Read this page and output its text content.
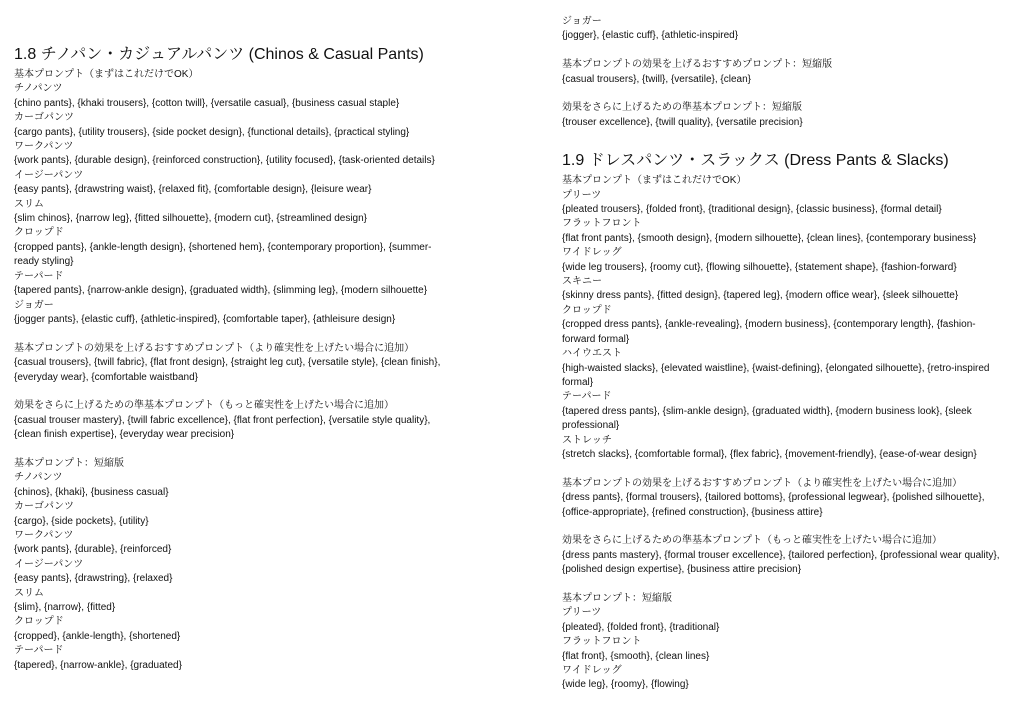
1.8 チノパン・カジュアルパンツ (Chinos & Casual Pants)
基本プロンプト（まずはこれだけでOK）
チノパンツ
{chino pants}, {khaki trousers}, {cotton twill}, {versatile casual}, {business casual staple}
カーゴパンツ
{cargo pants}, {utility trousers}, {side pocket design}, {functional details}, {practical styling}
ワークパンツ
{work pants}, {durable design}, {reinforced construction}, {utility focused}, {task-oriented details}
イージーパンツ
{easy pants}, {drawstring waist}, {relaxed fit}, {comfortable design}, {leisure wear}
スリム
{slim chinos}, {narrow leg}, {fitted silhouette}, {modern cut}, {streamlined design}
クロップド
{cropped pants}, {ankle-length design}, {shortened hem}, {contemporary proportion}, {summer-ready styling}
テーパード
{tapered pants}, {narrow-ankle design}, {graduated width}, {slimming leg}, {modern silhouette}
ジョガー
{jogger pants}, {elastic cuff}, {athletic-inspired}, {comfortable taper}, {athleisure design}
基本プロンプトの効果を上げるおすすめプロンプト（より確実性を上げたい場合に追加）
{casual trousers}, {twill fabric}, {flat front design}, {straight leg cut}, {versatile style}, {clean finish}, {everyday wear}, {comfortable waistband}
効果をさらに上げるための準基本プロンプト（もっと確実性を上げたい場合に追加）
{casual trouser mastery}, {twill fabric excellence}, {flat front perfection}, {versatile style quality}, {clean finish expertise}, {everyday wear precision}
基本プロンプト：短縮版
チノパンツ
{chinos}, {khaki}, {business casual}
カーゴパンツ
{cargo}, {side pockets}, {utility}
ワークパンツ
{work pants}, {durable}, {reinforced}
イージーパンツ
{easy pants}, {drawstring}, {relaxed}
スリム
{slim}, {narrow}, {fitted}
クロップド
{cropped}, {ankle-length}, {shortened}
テーパード
{tapered}, {narrow-ankle}, {graduated}
ジョガー
{jogger}, {elastic cuff}, {athletic-inspired}
基本プロンプトの効果を上げるおすすめプロンプト：短縮版
{casual trousers}, {twill}, {versatile}, {clean}
効果をさらに上げるための準基本プロンプト：短縮版
{trouser excellence}, {twill quality}, {versatile precision}
1.9 ドレスパンツ・スラックス (Dress Pants & Slacks)
基本プロンプト（まずはこれだけでOK）
プリーツ
{pleated trousers}, {folded front}, {traditional design}, {classic business}, {formal detail}
フラットフロント
{flat front pants}, {smooth design}, {modern silhouette}, {clean lines}, {contemporary business}
ワイドレッグ
{wide leg trousers}, {roomy cut}, {flowing silhouette}, {statement shape}, {fashion-forward}
スキニー
{skinny dress pants}, {fitted design}, {tapered leg}, {modern office wear}, {sleek silhouette}
クロップド
{cropped dress pants}, {ankle-revealing}, {modern business}, {contemporary length}, {fashion-forward formal}
ハイウエスト
{high-waisted slacks}, {elevated waistline}, {waist-defining}, {elongated silhouette}, {retro-inspired formal}
テーパード
{tapered dress pants}, {slim-ankle design}, {graduated width}, {modern business look}, {sleek professional}
ストレッチ
{stretch slacks}, {comfortable formal}, {flex fabric}, {movement-friendly}, {ease-of-wear design}
基本プロンプトの効果を上げるおすすめプロンプト（より確実性を上げたい場合に追加）
{dress pants}, {formal trousers}, {tailored bottoms}, {professional legwear}, {polished silhouette}, {office-appropriate}, {refined construction}, {business attire}
効果をさらに上げるための準基本プロンプト（もっと確実性を上げたい場合に追加）
{dress pants mastery}, {formal trouser excellence}, {tailored perfection}, {professional wear quality}, {polished design expertise}, {business attire precision}
基本プロンプト：短縮版
プリーツ
{pleated}, {folded front}, {traditional}
フラットフロント
{flat front}, {smooth}, {clean lines}
ワイドレッグ
{wide leg}, {roomy}, {flowing}
